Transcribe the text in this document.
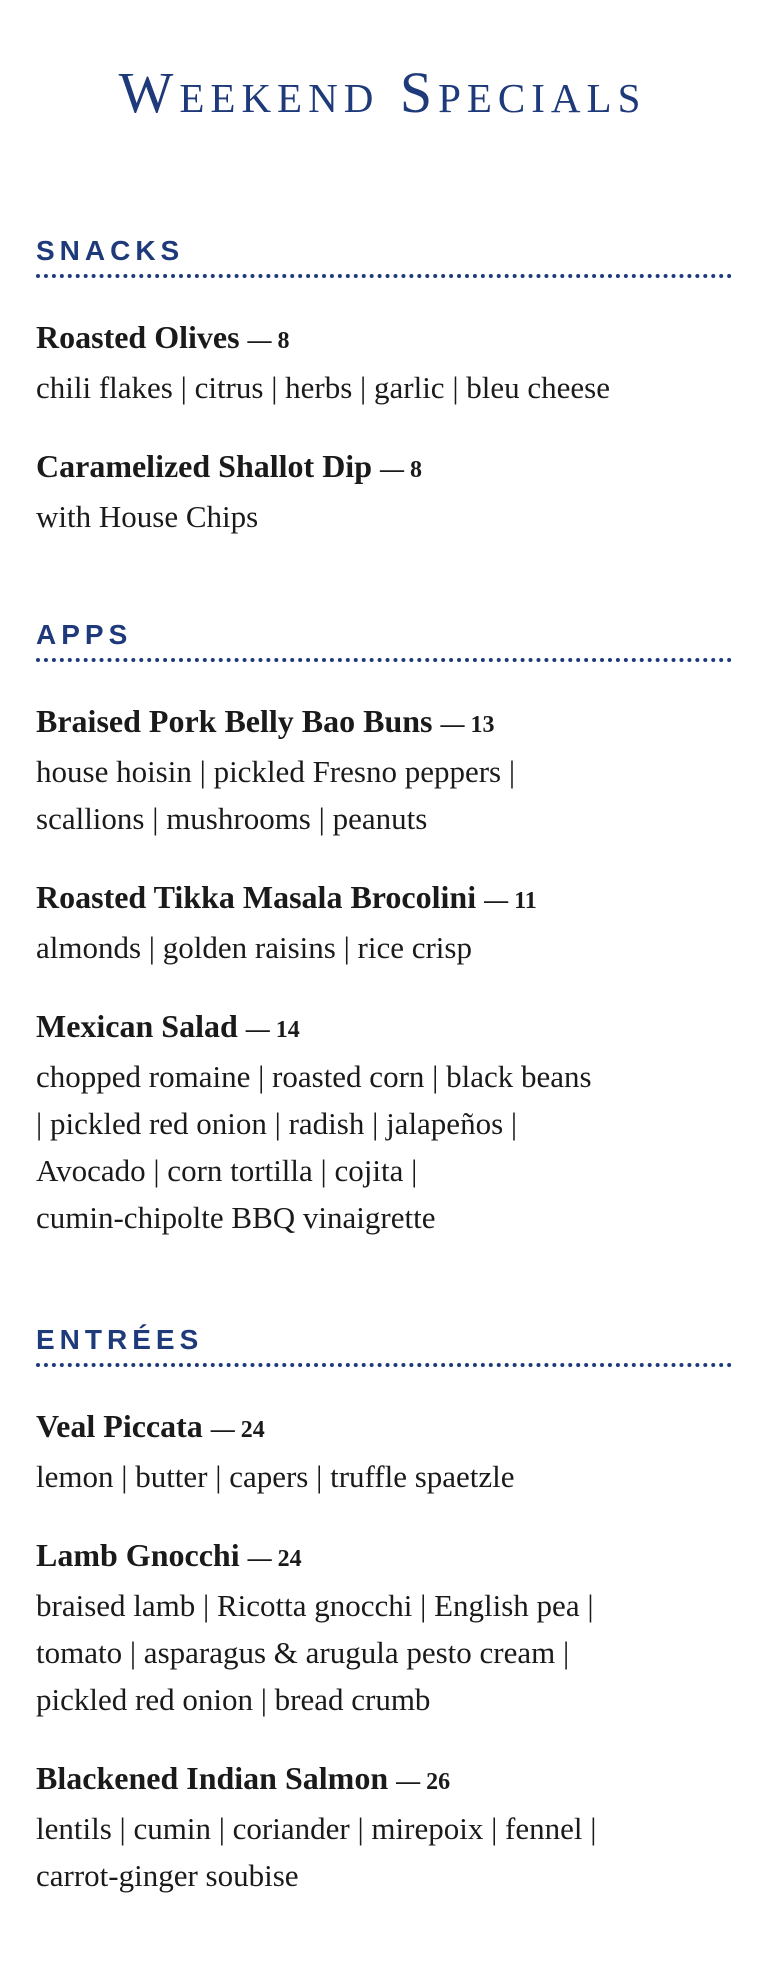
Weekend Specials
SNACKS

Roasted Olives — 8

chili flakes | citrus | herbs | garlic | bleu cheese

Caramelized Shallot Dip — 8

with House Chips

APPS

Braised Pork Belly Bao Buns — 13

house hoisin | pickled Fresno peppers |
scallions | mushrooms | peanuts

Roasted Tikka Masala Brocolini — 11

almonds | golden raisins | rice crisp

Mexican Salad — 14

chopped romaine | roasted corn | black beans
| pickled red onion | radish | jalapeños |
Avocado | corn tortilla | cojita |
cumin-chipolte BBQ vinaigrette

ENTRÉES

Veal Piccata — 24

lemon | butter | capers | truffle spaetzle

Lamb Gnocchi — 24

braised lamb | Ricotta gnocchi | English pea |
tomato | asparagus & arugula pesto cream |
pickled red onion | bread crumb

Blackened Indian Salmon — 26

lentils | cumin | coriander | mirepoix | fennel |
carrot-ginger soubise
